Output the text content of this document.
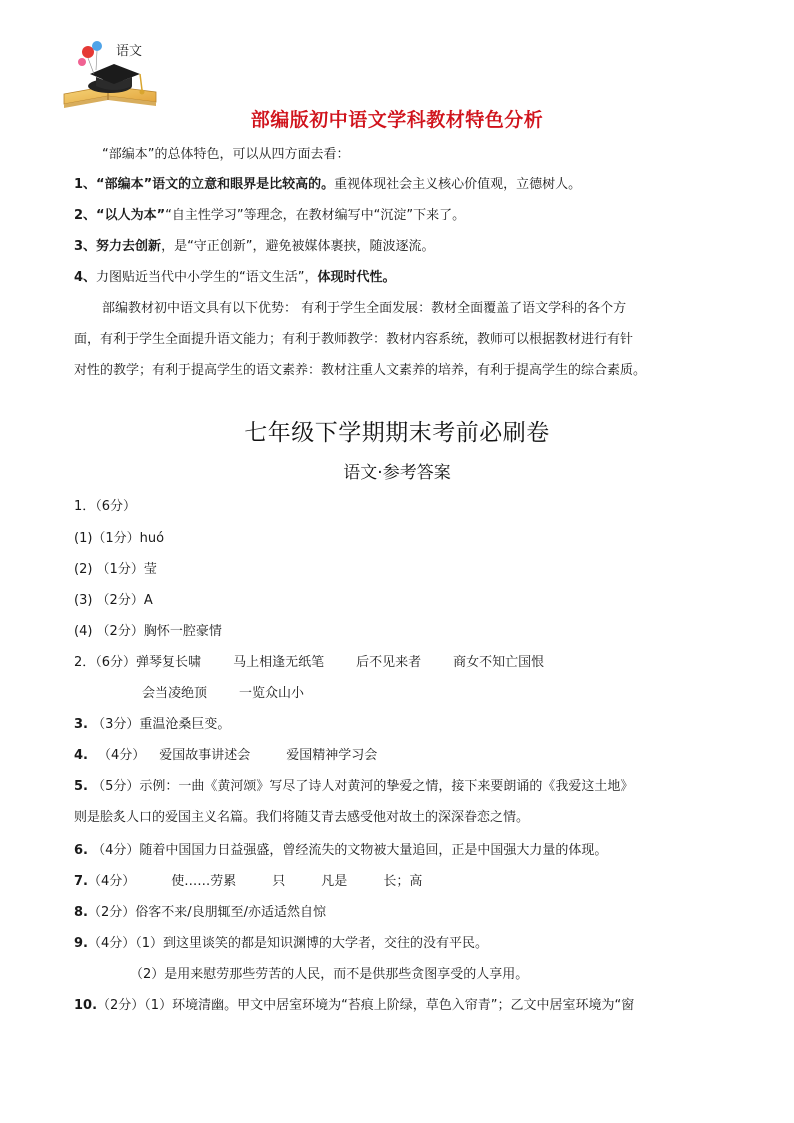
语文
部编版初中语文学科教材特色分析
“部编本”的总体特色，可以从四方面去看：
1、“部编本”语文的立意和眼界是比较高的。重视体现社会主义核心价值观，立德树人。
2、“以人为本”“自主性学习”等理念，在教材编写中“沉淀”下来了。
3、努力去创新，是“守正创新”，避免被媒体裹挟，随波逐流。
4、力图贴近当代中小学生的“语文生活”，体现时代性。
部编教材初中语文具有以下优势： 有利于学生全面发展：教材全面覆盖了语文学科的各个方
面，有利于学生全面提升语文能力；有利于教师教学：教材内容系统，教师可以根据教材进行有针
对性的教学；有利于提高学生的语文素养：教材注重人文素养的培养，有利于提高学生的综合素质。
七年级下学期期末考前必刷卷
语文·参考答案
1．（6分）
(1)（1分）huó
(2) （1分）莹
(3) （2分）A
(4) （2分）胸怀一腔豪情
2．（6分）弹琴复长啸 马上相逢无纸笔 后不见来者 商女不知亡国恨
会当凌绝顶 一览众山小
3. （3分）重温沧桑巨变。
4. （4分） 爱国故事讲述会	爱国精神学习会
5. （5分）示例：一曲《黄河颂》写尽了诗人对黄河的挚爱之情，接下来要朗诵的《我爱这土地》
则是脍炙人口的爱国主义名篇。我们将随艾青去感受他对故土的深深眷恋之情。
6. （4分）随着中国国力日益强盛，曾经流失的文物被大量追回，正是中国强大力量的体现。
7.（4分）	使……劳累	只	凡是	长；高
8.（2分）俗客不来/良朋辄至/亦适适然自惊
9.（4分）（1）到这里谈笑的都是知识渊博的大学者，交往的没有平民。
（2）是用来慰劳那些劳苦的人民，而不是供那些贪图享受的人享用。
10.（2分）（1）环境清幽。甲文中居室环境为“苔痕上阶绿，草色入帘青”；乙文中居室环境为“窗
